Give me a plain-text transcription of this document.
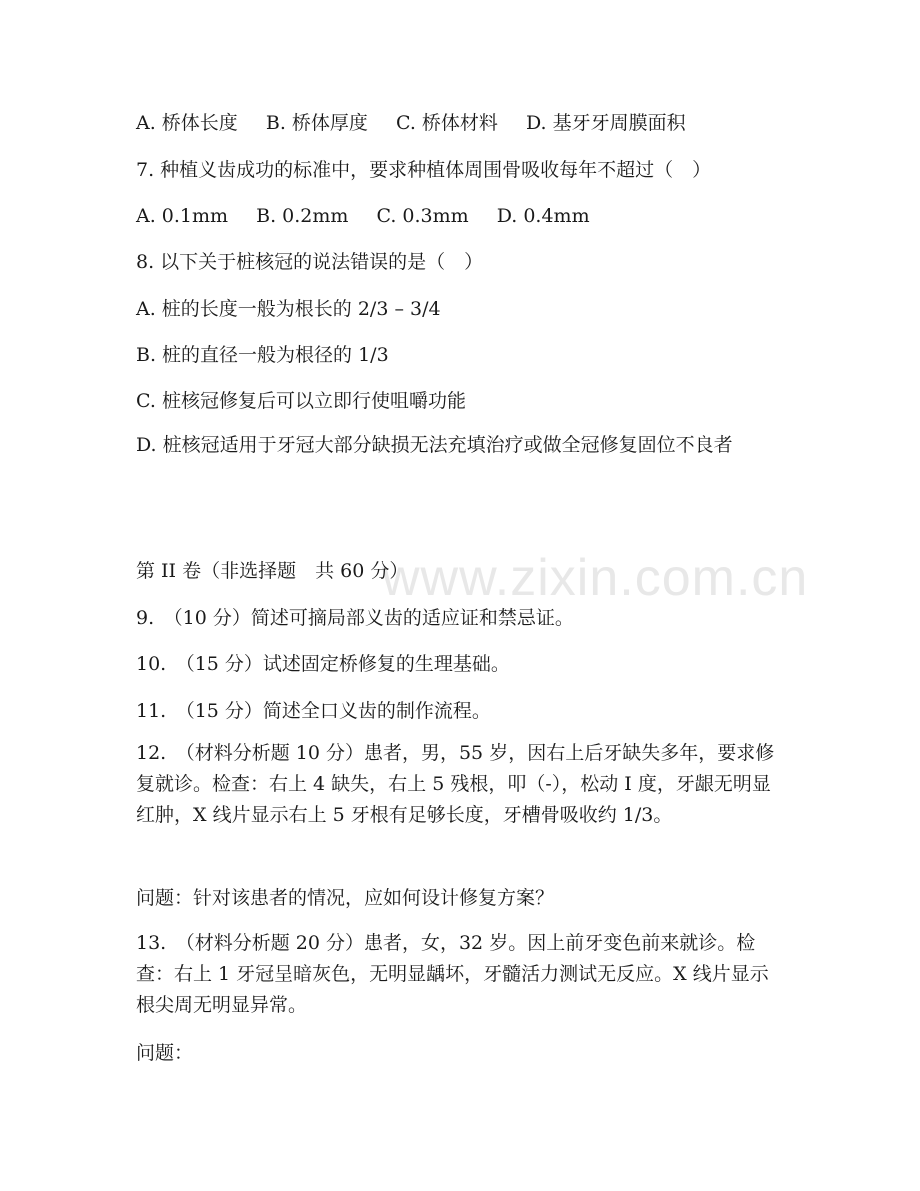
www.zixin.com.cn
A. 桥体长度 B. 桥体厚度 C. 桥体材料 D. 基牙牙周膜面积
7. 种植义齿成功的标准中，要求种植体周围骨吸收每年不超过（　）
A. 0.1mm B. 0.2mm C. 0.3mm D. 0.4mm
8. 以下关于桩核冠的说法错误的是（　）
A. 桩的长度一般为根长的 2/3 – 3/4
B. 桩的直径一般为根径的 1/3
C. 桩核冠修复后可以立即行使咀嚼功能
D. 桩核冠适用于牙冠大部分缺损无法充填治疗或做全冠修复固位不良者
第 II 卷（非选择题　共 60 分）
9.　（10 分）简述可摘局部义齿的适应证和禁忌证。
10.　（15 分）试述固定桥修复的生理基础。
11.　（15 分）简述全口义齿的制作流程。
12.　（材料分析题 10 分）患者，男，55 岁，因右上后牙缺失多年，要求修复就诊。检查：右上 4 缺失，右上 5 残根，叩（-），松动 I 度，牙龈无明显红肿，X 线片显示右上 5 牙根有足够长度，牙槽骨吸收约 1/3。
问题：针对该患者的情况，应如何设计修复方案？
13.　（材料分析题 20 分）患者，女，32 岁。因上前牙变色前来就诊。检查：右上 1 牙冠呈暗灰色，无明显龋坏，牙髓活力测试无反应。X 线片显示根尖周无明显异常。
问题：
